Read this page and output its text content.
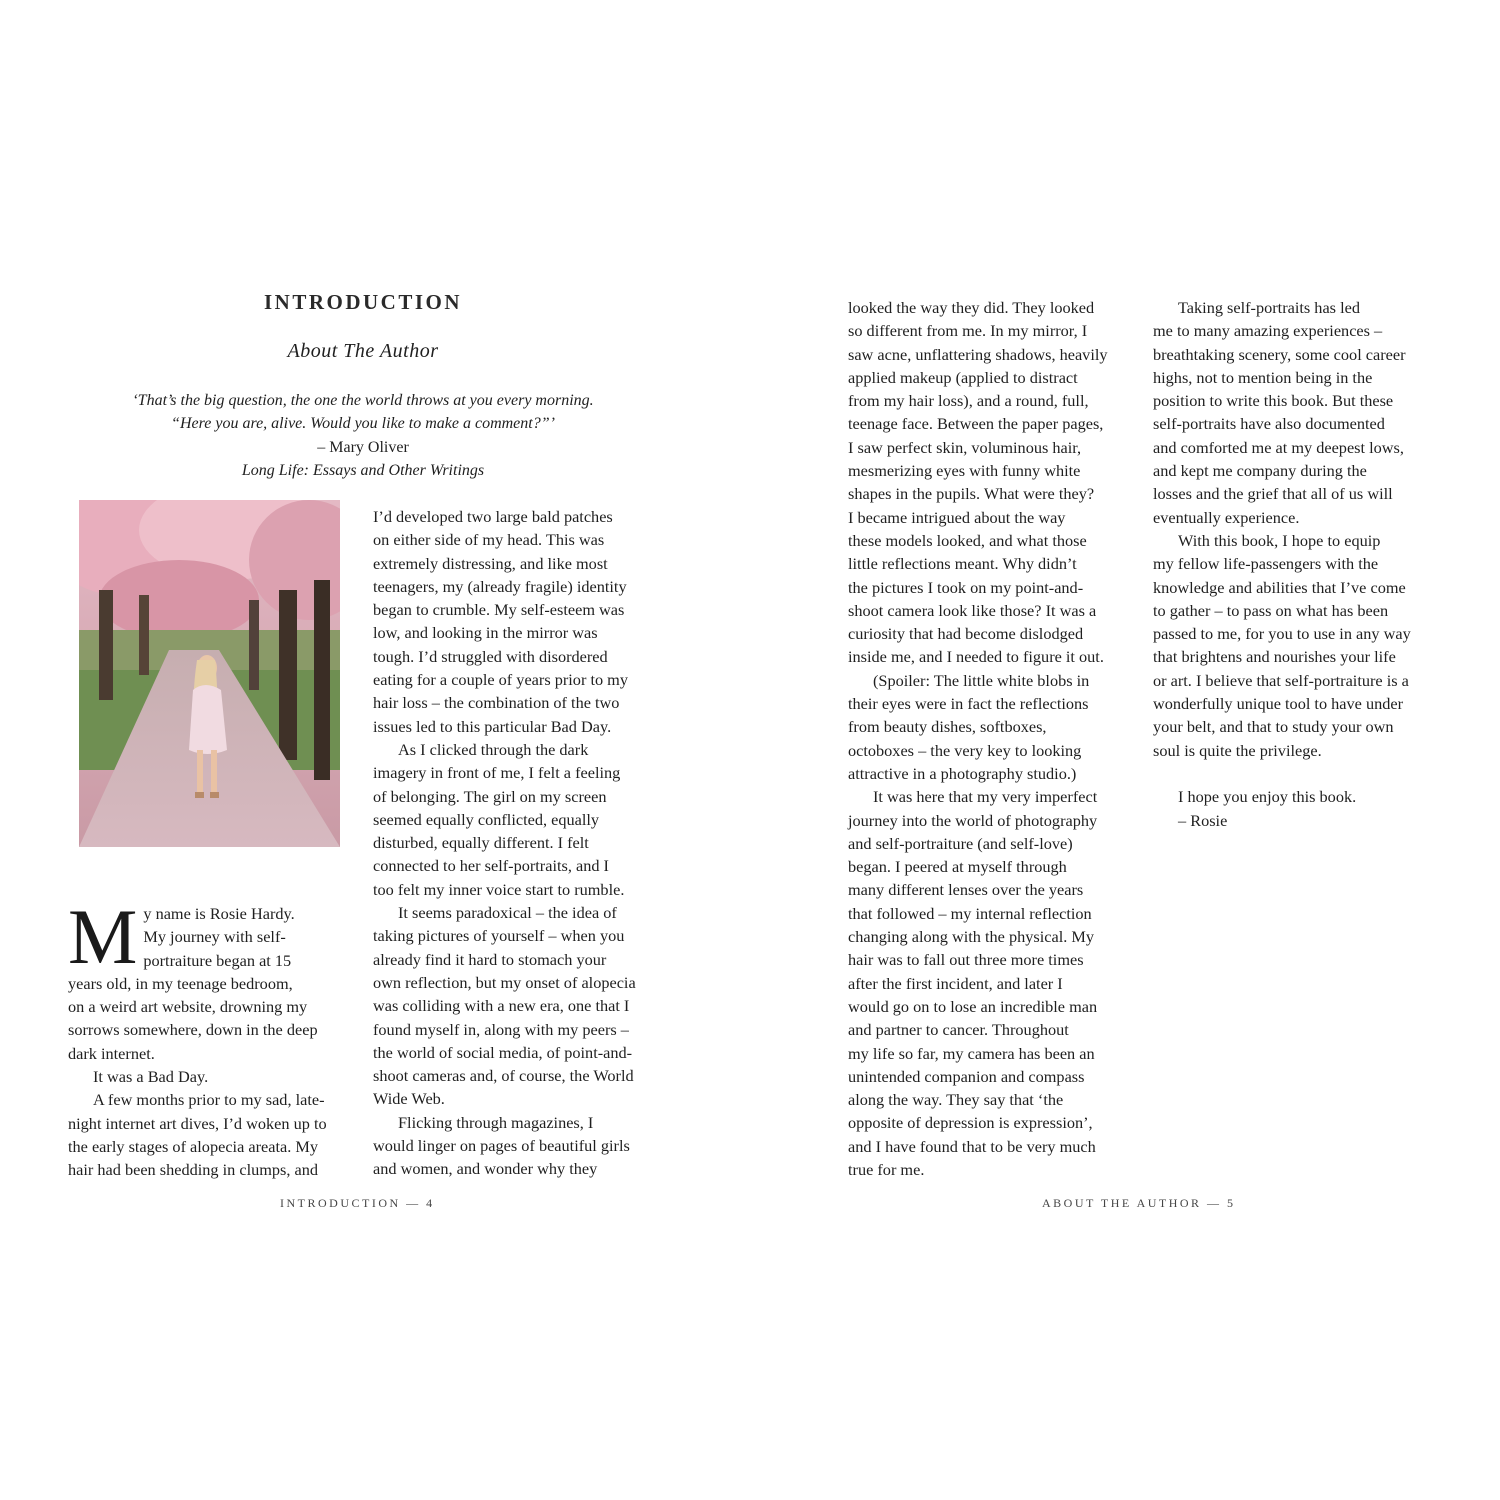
INTRODUCTION
About The Author
‘That’s the big question, the one the world throws at you every morning.
“Here you are, alive. Would you like to make a comment?”’
– Mary Oliver
Long Life: Essays and Other Writings
M y name is Rosie Hardy.
My journey with self-
portraiture began at 15
years old, in my teenage bedroom,
on a weird art website, drowning my
sorrows somewhere, down in the deep
dark internet.
It was a Bad Day.
A few months prior to my sad, late-
night internet art dives, I’d woken up to
the early stages of alopecia areata. My
hair had been shedding in clumps, and
I’d developed two large bald patches
on either side of my head. This was
extremely distressing, and like most
teenagers, my (already fragile) identity
began to crumble. My self-esteem was
low, and looking in the mirror was
tough. I’d struggled with disordered
eating for a couple of years prior to my
hair loss – the combination of the two
issues led to this particular Bad Day.
As I clicked through the dark
imagery in front of me, I felt a feeling
of belonging. The girl on my screen
seemed equally conflicted, equally
disturbed, equally different. I felt
connected to her self-portraits, and I
too felt my inner voice start to rumble.
It seems paradoxical – the idea of
taking pictures of yourself – when you
already find it hard to stomach your
own reflection, but my onset of alopecia
was colliding with a new era, one that I
found myself in, along with my peers –
the world of social media, of point-and-
shoot cameras and, of course, the World
Wide Web.
Flicking through magazines, I
would linger on pages of beautiful girls
and women, and wonder why they
looked the way they did. They looked
so different from me. In my mirror, I
saw acne, unflattering shadows, heavily
applied makeup (applied to distract
from my hair loss), and a round, full,
teenage face. Between the paper pages,
I saw perfect skin, voluminous hair,
mesmerizing eyes with funny white
shapes in the pupils. What were they?
I became intrigued about the way
these models looked, and what those
little reflections meant. Why didn’t
the pictures I took on my point-and-
shoot camera look like those? It was a
curiosity that had become dislodged
inside me, and I needed to figure it out.
(Spoiler: The little white blobs in
their eyes were in fact the reflections
from beauty dishes, softboxes,
octoboxes – the very key to looking
attractive in a photography studio.)
It was here that my very imperfect
journey into the world of photography
and self-portraiture (and self-love)
began. I peered at myself through
many different lenses over the years
that followed – my internal reflection
changing along with the physical. My
hair was to fall out three more times
after the first incident, and later I
would go on to lose an incredible man
and partner to cancer. Throughout
my life so far, my camera has been an
unintended companion and compass
along the way. They say that ‘the
opposite of depression is expression’,
and I have found that to be very much
true for me.
Taking self-portraits has led
me to many amazing experiences –
breathtaking scenery, some cool career
highs, not to mention being in the
position to write this book. But these
self-portraits have also documented
and comforted me at my deepest lows,
and kept me company during the
losses and the grief that all of us will
eventually experience.
With this book, I hope to equip
my fellow life-passengers with the
knowledge and abilities that I’ve come
to gather – to pass on what has been
passed to me, for you to use in any way
that brightens and nourishes your life
or art. I believe that self-portraiture is a
wonderfully unique tool to have under
your belt, and that to study your own
soul is quite the privilege.
I hope you enjoy this book.
– Rosie
INTRODUCTION — 4	ABOUT THE AUTHOR — 5
